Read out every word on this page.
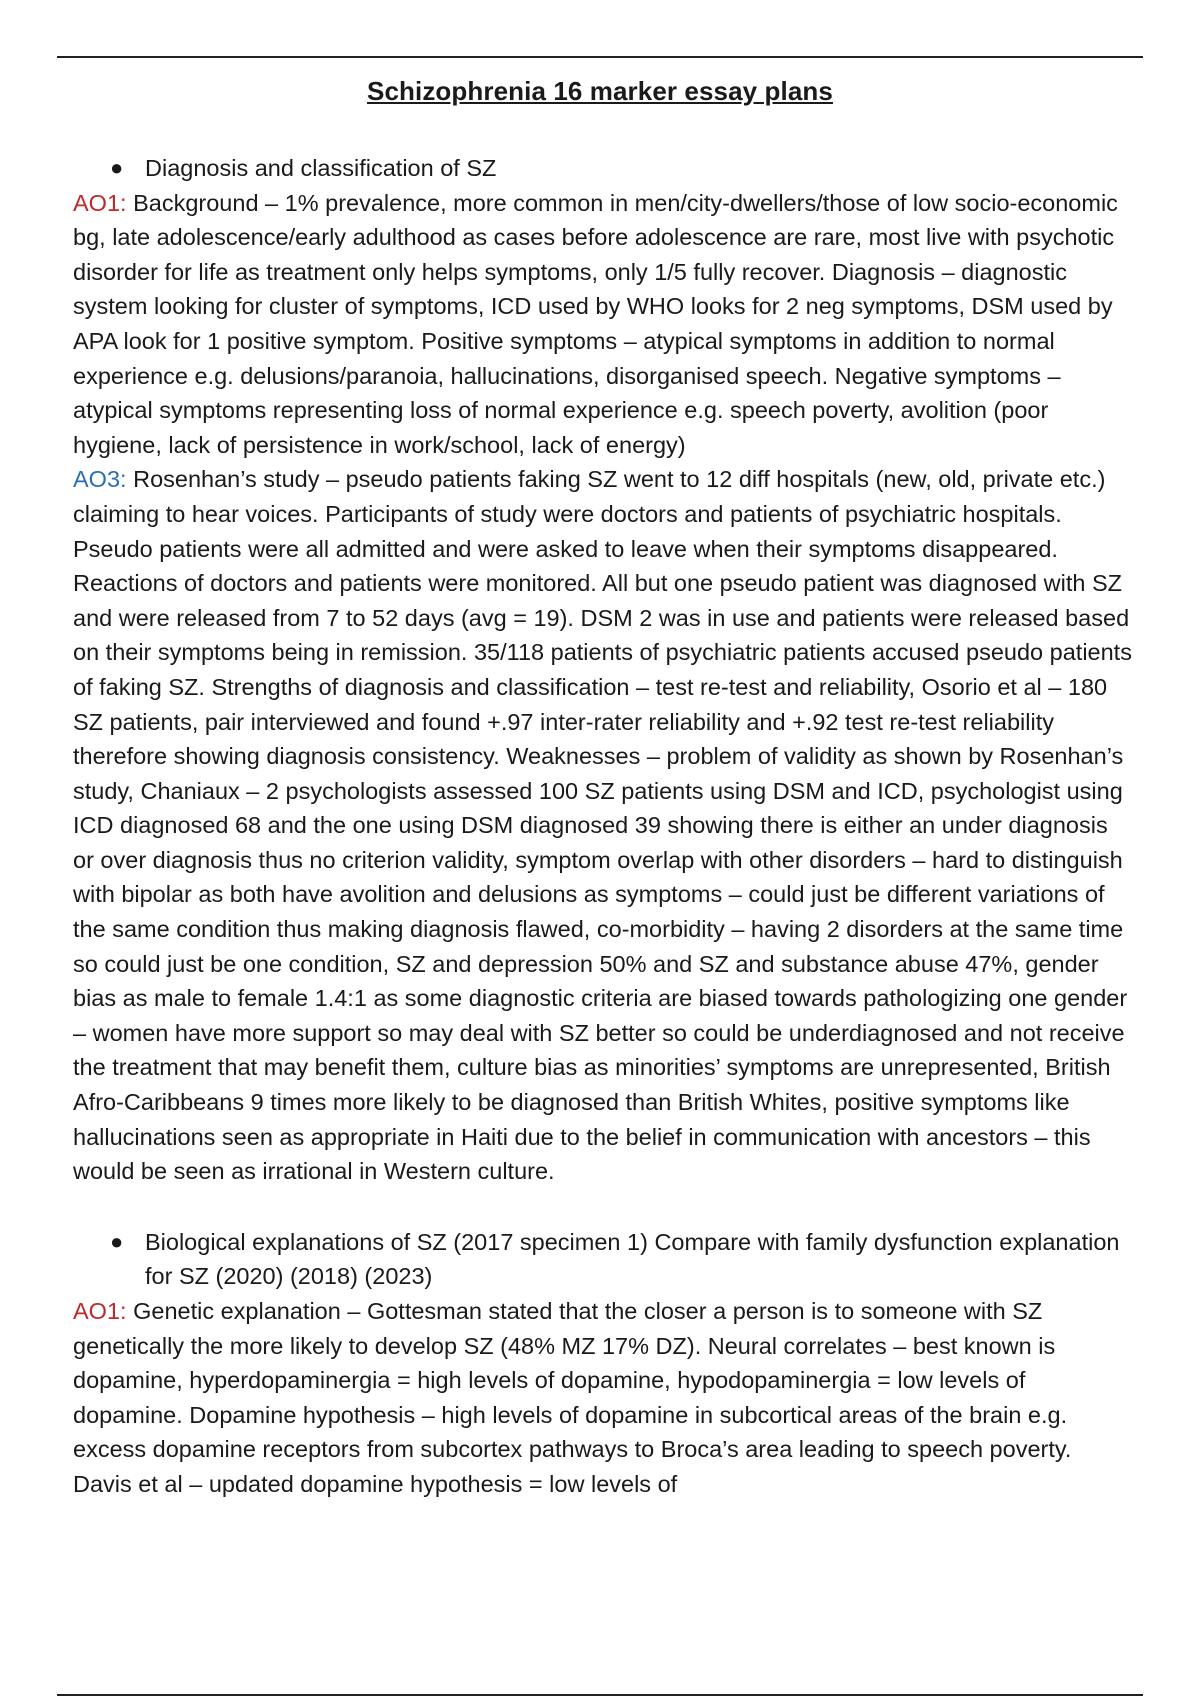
Schizophrenia 16 marker essay plans
● Diagnosis and classification of SZ

AO1: Background – 1% prevalence, more common in men/city-dwellers/those of low socio-economic bg, late adolescence/early adulthood as cases before adolescence are rare, most live with psychotic disorder for life as treatment only helps symptoms, only 1/5 fully recover. Diagnosis – diagnostic system looking for cluster of symptoms, ICD used by WHO looks for 2 neg symptoms, DSM used by APA look for 1 positive symptom. Positive symptoms – atypical symptoms in addition to normal experience e.g. delusions/paranoia, hallucinations, disorganised speech. Negative symptoms – atypical symptoms representing loss of normal experience e.g. speech poverty, avolition (poor hygiene, lack of persistence in work/school, lack of energy)

AO3: Rosenhan’s study – pseudo patients faking SZ went to 12 diff hospitals (new, old, private etc.) claiming to hear voices. Participants of study were doctors and patients of psychiatric hospitals. Pseudo patients were all admitted and were asked to leave when their symptoms disappeared. Reactions of doctors and patients were monitored. All but one pseudo patient was diagnosed with SZ and were released from 7 to 52 days (avg = 19). DSM 2 was in use and patients were released based on their symptoms being in remission. 35/118 patients of psychiatric patients accused pseudo patients of faking SZ. Strengths of diagnosis and classification – test re-test and reliability, Osorio et al – 180 SZ patients, pair interviewed and found +.97 inter-rater reliability and +.92 test re-test reliability therefore showing diagnosis consistency. Weaknesses – problem of validity as shown by Rosenhan’s study, Chaniaux – 2 psychologists assessed 100 SZ patients using DSM and ICD, psychologist using ICD diagnosed 68 and the one using DSM diagnosed 39 showing there is either an under diagnosis or over diagnosis thus no criterion validity, symptom overlap with other disorders – hard to distinguish with bipolar as both have avolition and delusions as symptoms – could just be different variations of the same condition thus making diagnosis flawed, co-morbidity – having 2 disorders at the same time so could just be one condition, SZ and depression 50% and SZ and substance abuse 47%, gender bias as male to female 1.4:1 as some diagnostic criteria are biased towards pathologizing one gender – women have more support so may deal with SZ better so could be underdiagnosed and not receive the treatment that may benefit them, culture bias as minorities’ symptoms are unrepresented, British Afro-Caribbeans 9 times more likely to be diagnosed than British Whites, positive symptoms like hallucinations seen as appropriate in Haiti due to the belief in communication with ancestors – this would be seen as irrational in Western culture.

● Biological explanations of SZ (2017 specimen 1) Compare with family dysfunction explanation for SZ (2020) (2018) (2023)

AO1: Genetic explanation – Gottesman stated that the closer a person is to someone with SZ genetically the more likely to develop SZ (48% MZ 17% DZ). Neural correlates – best known is dopamine, hyperdopaminergia = high levels of dopamine, hypodopaminergia = low levels of dopamine. Dopamine hypothesis – high levels of dopamine in subcortical areas of the brain e.g. excess dopamine receptors from subcortex pathways to Broca’s area leading to speech poverty. Davis et al – updated dopamine hypothesis = low levels of
